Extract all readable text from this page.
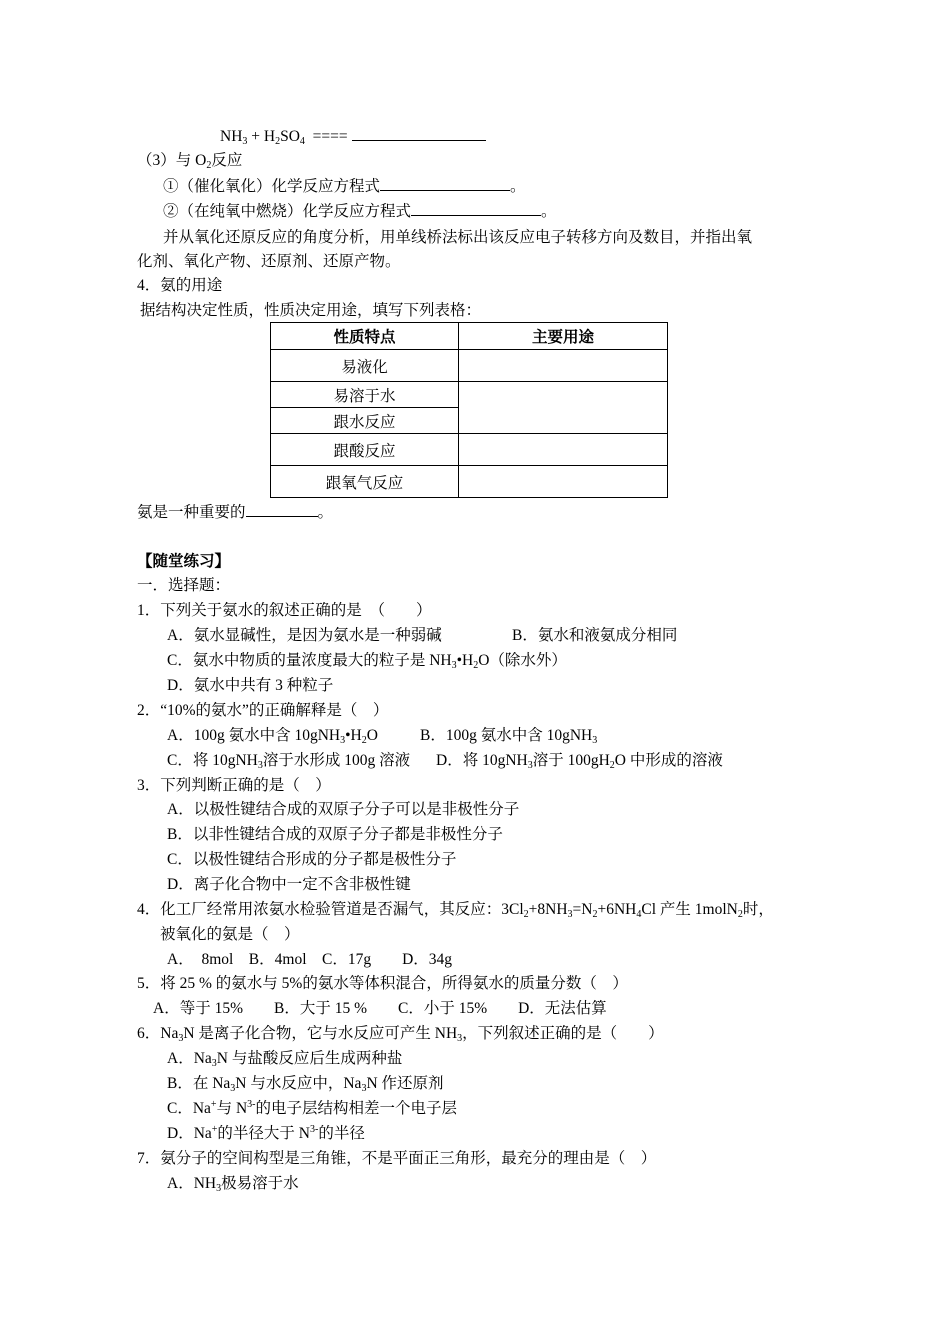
$NH_3 + H_2SO_4$  ====
（3）与 $O_2$反应
①（催化氧化）化学反应方程式	。
②（在纯氧中燃烧）化学反应方程式	。
并从氧化还原反应的角度分析，用单线桥法标出该反应电子转移方向及数目，并指出氧
化剂、氧化产物、还原剂、还原产物。
4．氨的用途
据结构决定性质，性质决定用途，填写下列表格：
性质特点	主要用途
易液化	
易溶于水	
跟水反应	
跟酸反应	
跟氧气反应	
氨是一种重要的	。
【随堂练习】
一．选择题：
1．下列关于氨水的叙述正确的是　（　　）
A．氨水显碱性，是因为氨水是一种弱碱	B．氨水和液氨成分相同
C．氨水中物质的量浓度最大的粒子是 $NH_3•H_2O$（除水外）
D．氨水中共有 3 种粒子
2．“10%的氨水”的正确解释是（　）
A．100g 氨水中含 $10gNH_3•H_2O$	B．100g 氨水中含 10gNH$_3$
C．将 10gNH$_3$溶于水形成 100g 溶液 D．将 10gNH$_3$溶于 $100gH_2O$ 中形成的溶液
3．下列判断正确的是（　）
A．以极性键结合成的双原子分子可以是非极性分子
B．以非性键结合成的双原子分子都是非极性分子
C．以极性键结合形成的分子都是极性分子
D．离子化合物中一定不含非极性键
4．化工厂经常用浓氨水检验管道是否漏气，其反应：$3Cl_2+8NH_3=N_2+6NH_4Cl$ 产生 1molN$_2$时，
被氧化的氨是（　）
A．　8mol　B．4mol　C．17g　　D．34g
5．将 25 % 的氨水与 5%的氨水等体积混合，所得氨水的质量分数（　）
A．等于 15%　　B．大于 15 %　　C．小于 15%　　D．无法估算
6．$Na_3N$ 是离子化合物，它与水反应可产生 $NH_3$，下列叙述正确的是（　　）
A．$Na_3N$ 与盐酸反应后生成两种盐
B．在 $Na_3N$ 与水反应中，$Na_3N$ 作还原剂
C．Na+与 $N^{3-}$的电子层结构相差一个电子层
D．Na+的半径大于 $N^{3-}$的半径
7．氨分子的空间构型是三角锥，不是平面正三角形，最充分的理由是（　）
A．$NH_3$极易溶于水
